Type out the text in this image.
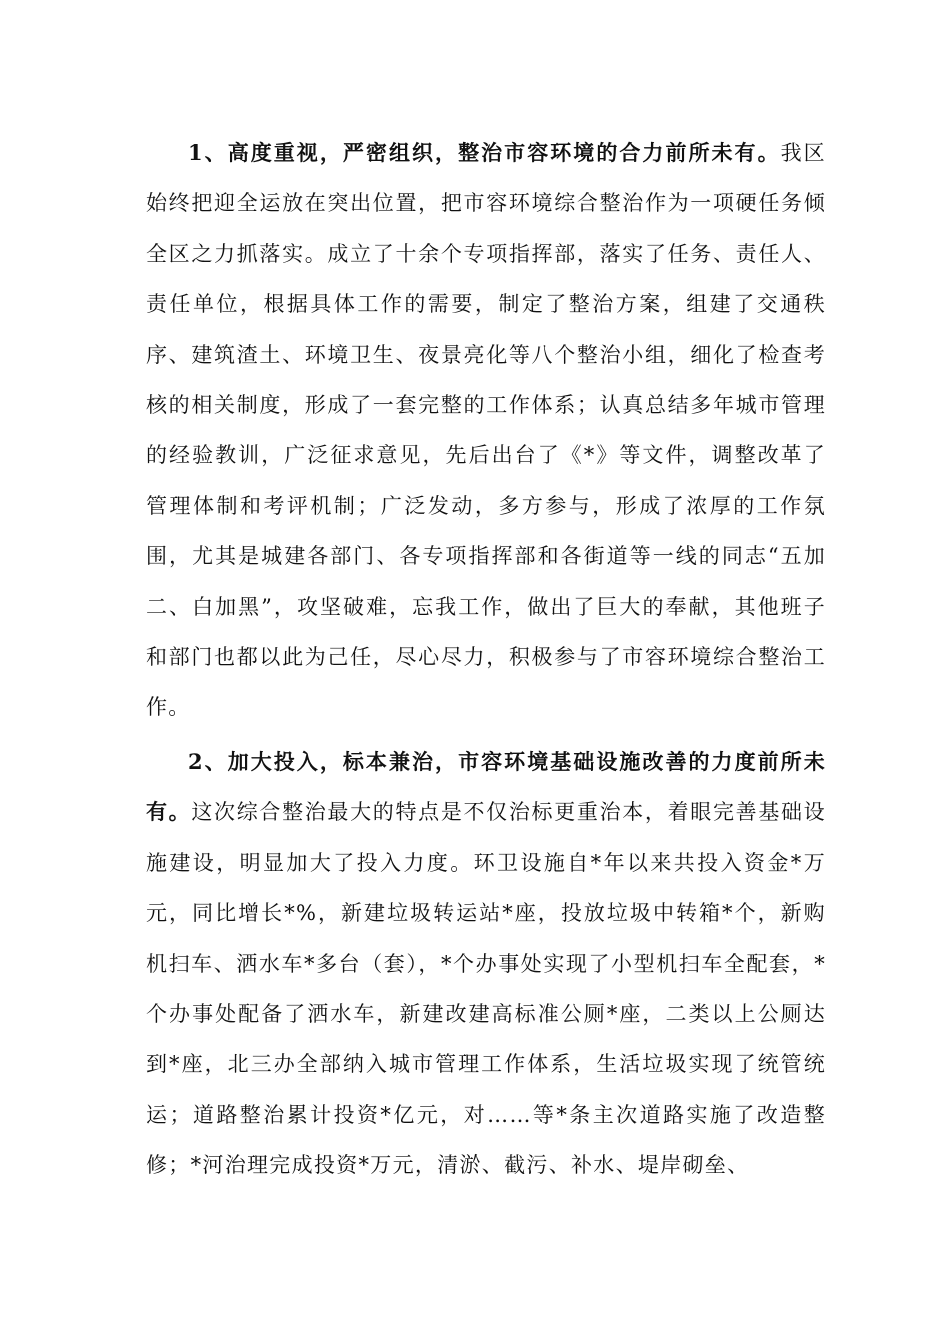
1、高度重视，严密组织，整治市容环境的合力前所未有。我区始终把迎全运放在突出位置，把市容环境综合整治作为一项硬任务倾全区之力抓落实。成立了十余个专项指挥部，落实了任务、责任人、责任单位，根据具体工作的需要，制定了整治方案，组建了交通秩序、建筑渣土、环境卫生、夜景亮化等八个整治小组，细化了检查考核的相关制度，形成了一套完整的工作体系；认真总结多年城市管理的经验教训，广泛征求意见，先后出台了《*》等文件，调整改革了管理体制和考评机制；广泛发动，多方参与，形成了浓厚的工作氛围，尤其是城建各部门、各专项指挥部和各街道等一线的同志“五加二、白加黑”，攻坚破难，忘我工作，做出了巨大的奉献，其他班子和部门也都以此为己任，尽心尽力，积极参与了市容环境综合整治工作。

2、加大投入，标本兼治，市容环境基础设施改善的力度前所未有。这次综合整治最大的特点是不仅治标更重治本，着眼完善基础设施建设，明显加大了投入力度。环卫设施自*年以来共投入资金*万元，同比增长*%，新建垃圾转运站*座，投放垃圾中转箱*个，新购机扫车、洒水车*多台（套），*个办事处实现了小型机扫车全配套，*个办事处配备了洒水车，新建改建高标准公厕*座，二类以上公厕达到*座，北三办全部纳入城市管理工作体系，生活垃圾实现了统管统运；道路整治累计投资*亿元，对……等*条主次道路实施了改造整修；*河治理完成投资*万元，清淤、截污、补水、堤岸砌垒、
